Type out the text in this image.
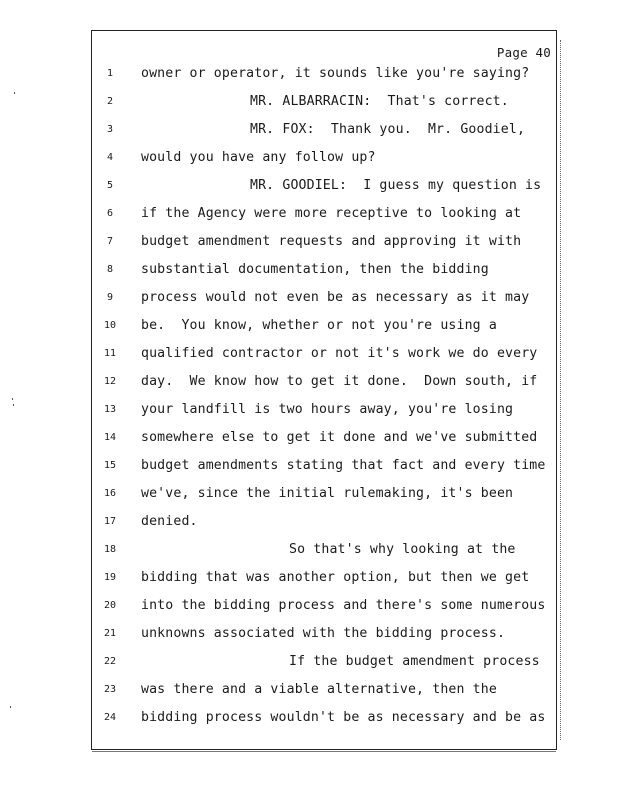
Page 40
1	owner or operator, it sounds like you're saying?
2	MR. ALBARRACIN:  That's correct.
3	MR. FOX:  Thank you.  Mr. Goodiel,
4	would you have any follow up?
5	MR. GOODIEL:  I guess my question is
6	if the Agency were more receptive to looking at
7	budget amendment requests and approving it with
8	substantial documentation, then the bidding
9	process would not even be as necessary as it may
10	be.  You know, whether or not you're using a
11	qualified contractor or not it's work we do every
12	day.  We know how to get it done.  Down south, if
13	your landfill is two hours away, you're losing
14	somewhere else to get it done and we've submitted
15	budget amendments stating that fact and every time
16	we've, since the initial rulemaking, it's been
17	denied.
18	So that's why looking at the
19	bidding that was another option, but then we get
20	into the bidding process and there's some numerous
21	unknowns associated with the bidding process.
22	If the budget amendment process
23	was there and a viable alternative, then the
24	bidding process wouldn't be as necessary and be as
